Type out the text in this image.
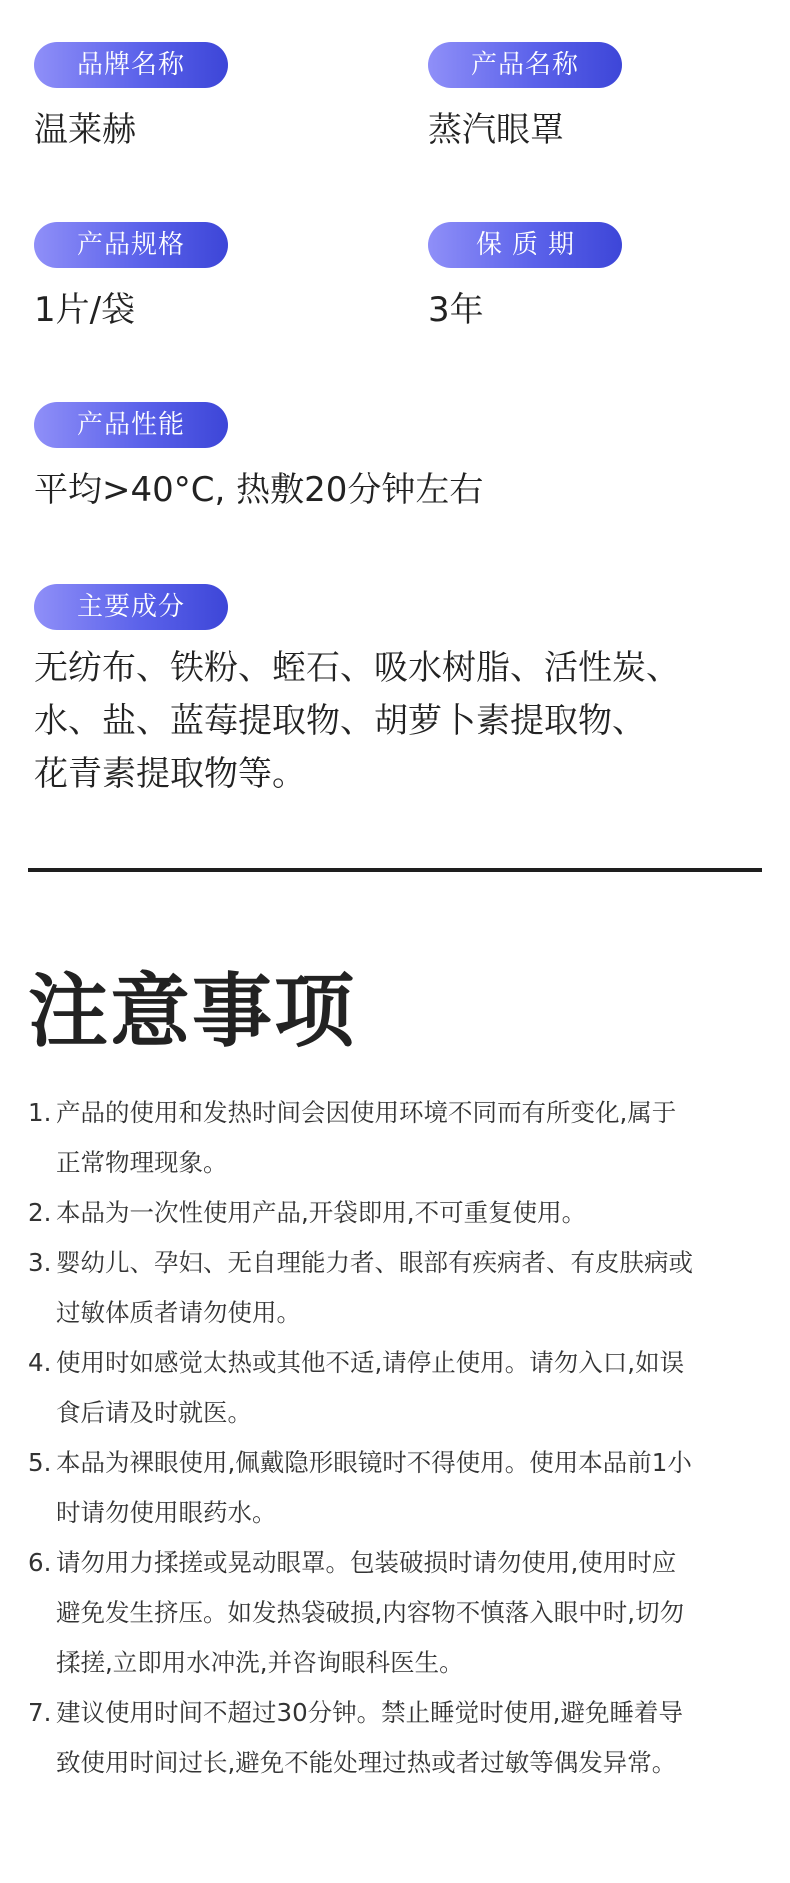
品牌名称
温莱赫
产品名称
蒸汽眼罩
产品规格
1片/袋
保质期
3年
产品性能
平均>40°C, 热敷20分钟左右
主要成分
无纺布、铁粉、蛭石、吸水树脂、活性炭、
水、盐、蓝莓提取物、胡萝卜素提取物、
花青素提取物等。
注意事项
1. 产品的使用和发热时间会因使用环境不同而有所变化,属于
正常物理现象。
2. 本品为一次性使用产品,开袋即用,不可重复使用。
3. 婴幼儿、孕妇、无自理能力者、眼部有疾病者、有皮肤病或
过敏体质者请勿使用。
4. 使用时如感觉太热或其他不适,请停止使用。请勿入口,如误
食后请及时就医。
5. 本品为裸眼使用,佩戴隐形眼镜时不得使用。使用本品前1小
时请勿使用眼药水。
6. 请勿用力揉搓或晃动眼罩。包装破损时请勿使用,使用时应
避免发生挤压。如发热袋破损,内容物不慎落入眼中时,切勿
揉搓,立即用水冲洗,并咨询眼科医生。
7. 建议使用时间不超过30分钟。禁止睡觉时使用,避免睡着导
致使用时间过长,避免不能处理过热或者过敏等偶发异常。
